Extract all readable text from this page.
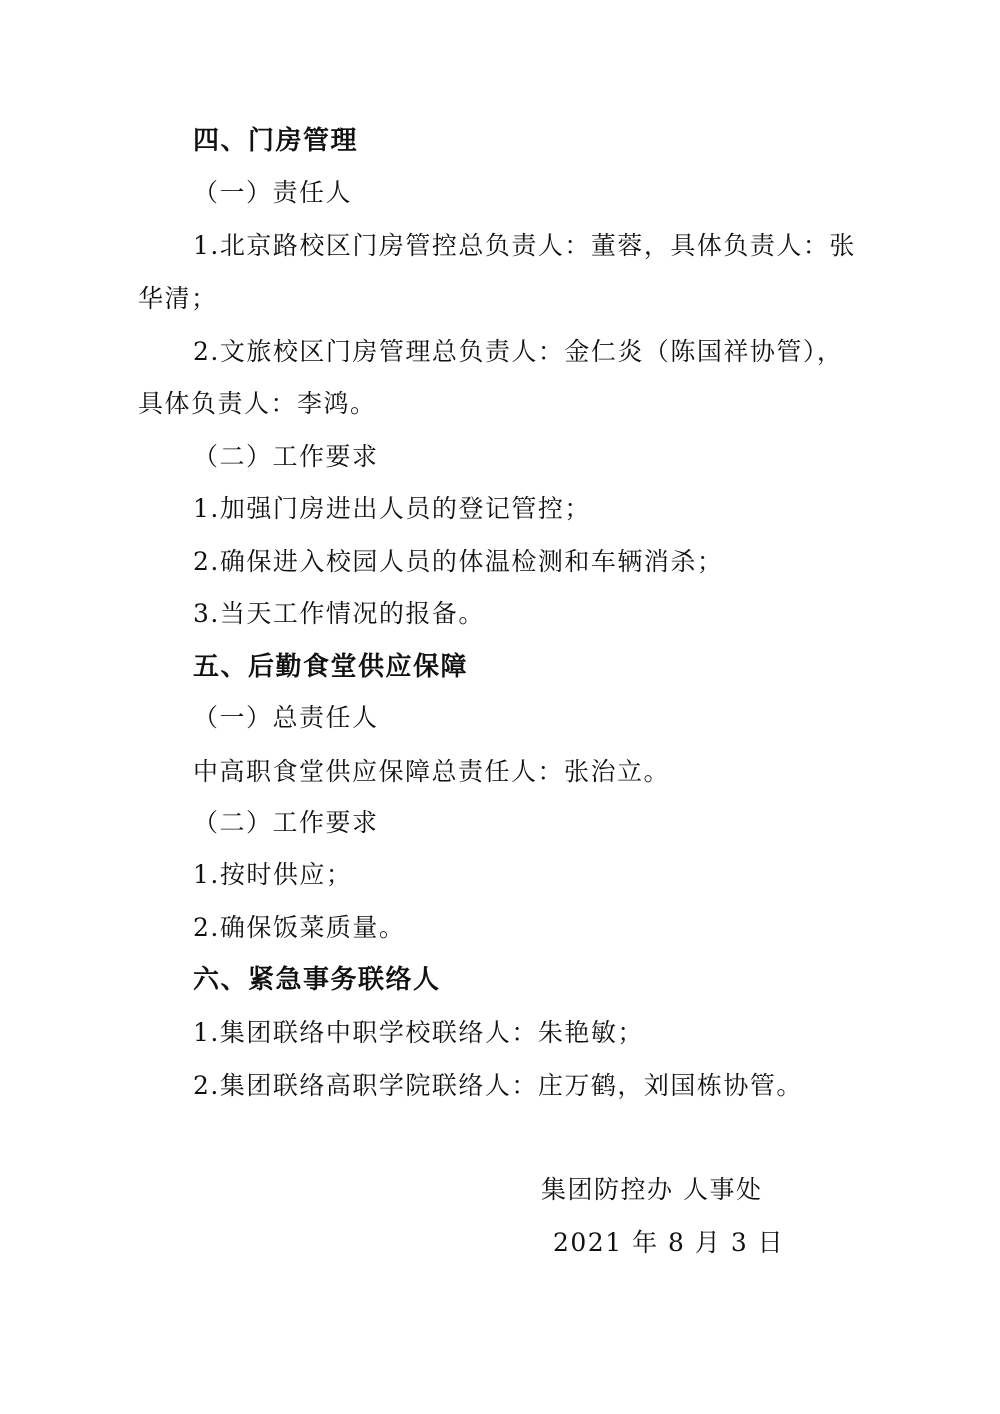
四、门房管理
（一）责任人
1.北京路校区门房管控总负责人：董蓉，具体负责人：张
华清；
2.文旅校区门房管理总负责人：金仁炎（陈国祥协管），
具体负责人：李鸿。
（二）工作要求
1.加强门房进出人员的登记管控；
2.确保进入校园人员的体温检测和车辆消杀；
3.当天工作情况的报备。
五、后勤食堂供应保障
（一）总责任人
中高职食堂供应保障总责任人：张治立。
（二）工作要求
1.按时供应；
2.确保饭菜质量。
六、紧急事务联络人
1.集团联络中职学校联络人：朱艳敏；
2.集团联络高职学院联络人：庄万鹤，刘国栋协管。
集团防控办 人事处
2021 年 8 月 3 日
